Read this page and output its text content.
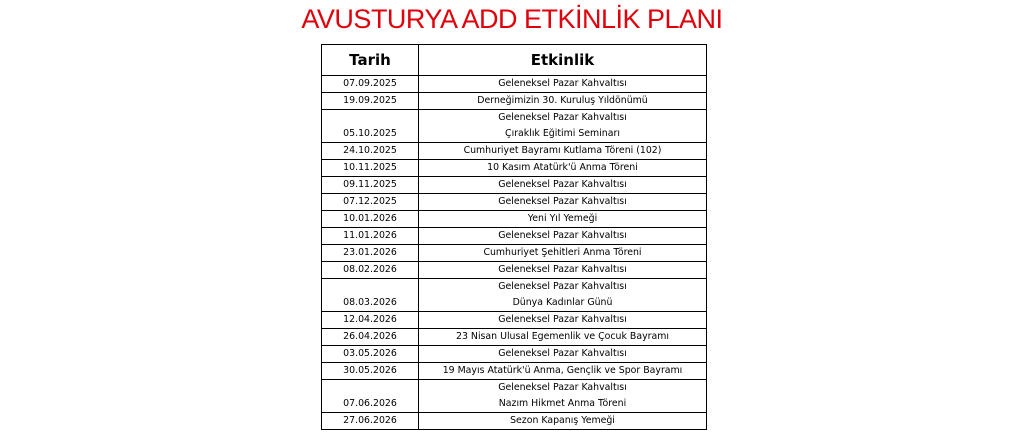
AVUSTURYA ADD ETKİNLİK PLANI
Tarih	Etkinlik
07.09.2025	Geleneksel Pazar Kahvaltısı

19.09.2025	Derneğimizin 30. Kuruluş Yıldönümü

05.10.2025	Geleneksel Pazar Kahvaltısı
Çıraklık Eğitimi Seminarı

24.10.2025	Cumhuriyet Bayramı Kutlama Töreni (102)

10.11.2025	10 Kasım Atatürk'ü Anma Töreni

09.11.2025	Geleneksel Pazar Kahvaltısı

07.12.2025	Geleneksel Pazar Kahvaltısı

10.01.2026	Yeni Yıl Yemeği

11.01.2026	Geleneksel Pazar Kahvaltısı

23.01.2026	Cumhuriyet Şehitleri Anma Töreni

08.02.2026	Geleneksel Pazar Kahvaltısı

08.03.2026	Geleneksel Pazar Kahvaltısı
Dünya Kadınlar Günü

12.04.2026	Geleneksel Pazar Kahvaltısı

26.04.2026	23 Nisan Ulusal Egemenlik ve Çocuk Bayramı

03.05.2026	Geleneksel Pazar Kahvaltısı

30.05.2026	19 Mayıs Atatürk'ü Anma, Gençlik ve Spor Bayramı

07.06.2026	Geleneksel Pazar Kahvaltısı
Nazım Hikmet Anma Töreni

27.06.2026	Sezon Kapanış Yemeği
